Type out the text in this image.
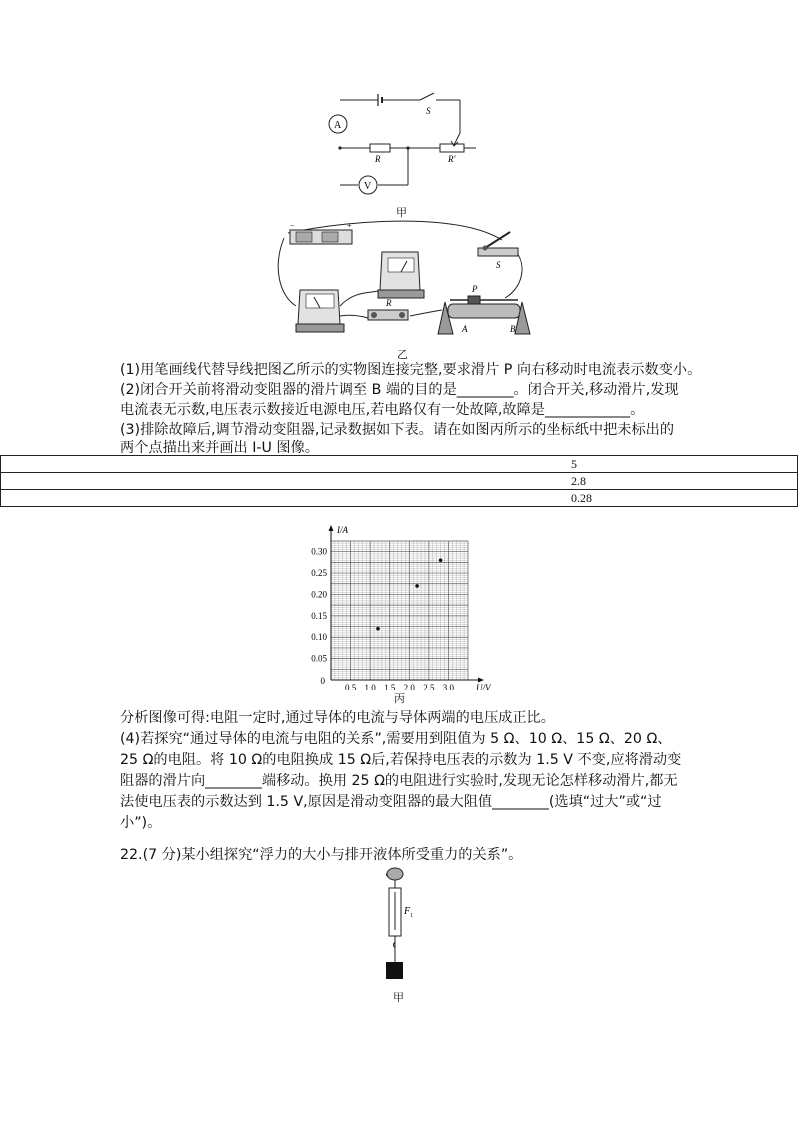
A
V
S
R	R′
甲
−	+
S
R
P
A	B
乙
(1)用笔画线代替导线把图乙所示的实物图连接完整,要求滑片 P 向右移动时电流表示数变小。
(2)闭合开关前将滑动变阻器的滑片调至 B 端的目的是________。闭合开关,移动滑片,发现
电流表无示数,电压表示数接近电源电压,若电路仅有一处故障,故障是____________。
(3)排除故障后,调节滑动变阻器,记录数据如下表。请在如图丙所示的坐标纸中把未标出的
两个点描出来并画出 I-U 图像。
5
2.8
0.28
0.5 1.0 1.5 2.0 2.5 3.0
0.05
0.10
0.15
0.20
0.25
0.30
0
U/V
I/A
丙
分析图像可得:电阻一定时,通过导体的电流与导体两端的电压成正比。
(4)若探究“通过导体的电流与电阻的关系”,需要用到阻值为 5 Ω、10 Ω、15 Ω、20 Ω、
25 Ω的电阻。将 10 Ω的电阻换成 15 Ω后,若保持电压表的示数为 1.5 V 不变,应将滑动变
阻器的滑片向________端移动。换用 25 Ω的电阻进行实验时,发现无论怎样移动滑片,都无
法使电压表的示数达到 1.5 V,原因是滑动变阻器的最大阻值________(选填“过大”或“过
小”)。
22.(7 分)某小组探究“浮力的大小与排开液体所受重力的关系”。
F 1
甲
